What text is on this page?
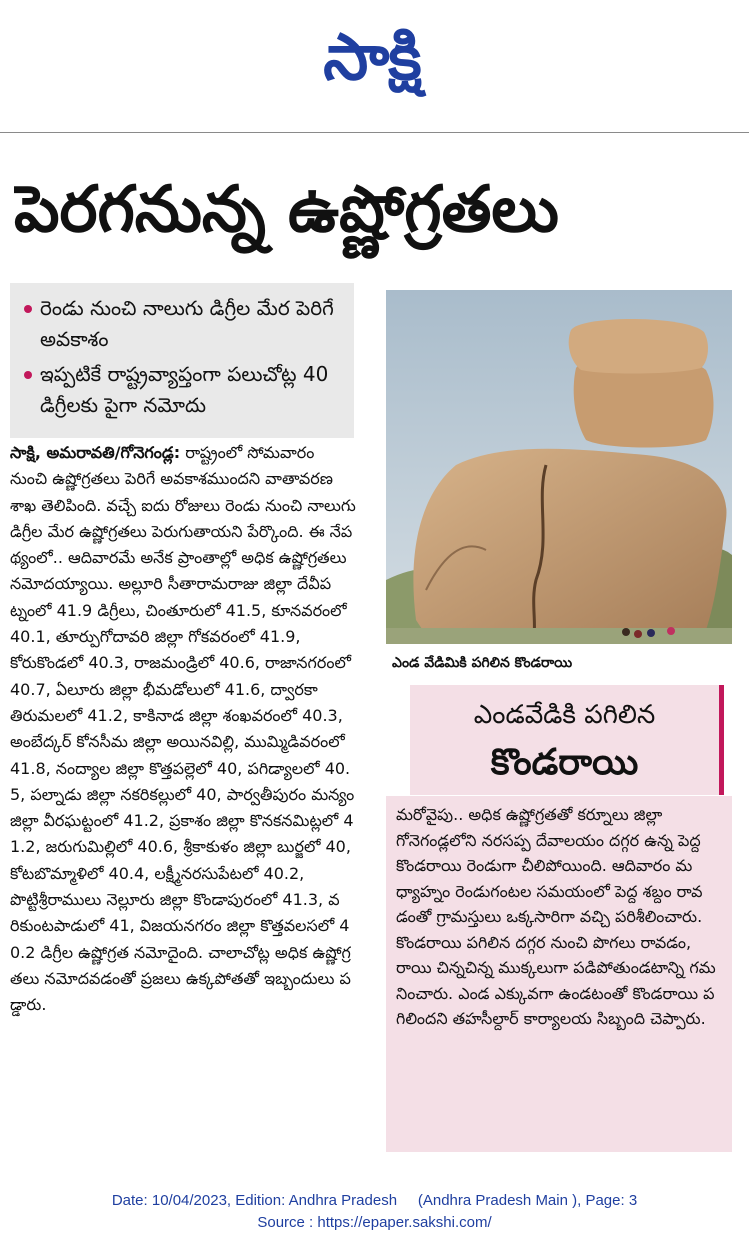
సాక్షి
పెరగనున్న ఉష్ణోగ్రతలు
రెండు నుంచి నాలుగు డిగ్రీల మేర పెరిగే అవకాశం
ఇప్పటికే రాష్ట్రవ్యాప్తంగా పలుచోట్ల 40 డిగ్రీలకు పైగా నమోదు
సాక్షి, అమరావతి/గోనెగండ్ల: రాష్ట్రంలో సోమవారం నుంచి ఉష్ణోగ్రతలు పెరిగే అవకాశముందని వాతావరణ శాఖ తెలిపింది. వచ్చే ఐదు రోజులు రెండు నుంచి నాలుగు డిగ్రీల మేర ఉష్ణోగ్రతలు పెరుగుతాయని పేర్కొంది. ఈ నేపథ్యంలో.. ఆదివారమే అనేక ప్రాంతాల్లో అధిక ఉష్ణోగ్రతలు నమోదయ్యాయి. అల్లూరి సీతారామరాజు జిల్లా దేవీపట్నంలో 41.9 డిగ్రీలు, చింతూరులో 41.5, కూనవరంలో 40.1, తూర్పుగోదావరి జిల్లా గోకవరంలో 41.9, కోరుకొండలో 40.3, రాజమండ్రిలో 40.6, రాజానగరంలో 40.7, ఏలూరు జిల్లా భీమడోలులో 41.6, ద్వారకా తిరుమలలో 41.2, కాకినాడ జిల్లా శంఖవరంలో 40.3, అంబేద్కర్ కోనసీమ జిల్లా అయినవిల్లి, ముమ్మిడివరంలో 41.8, నంద్యాల జిల్లా కొత్తపల్లెలో 40, పగిడ్యాలలో 40.5, పల్నాడు జిల్లా నకరికల్లులో 40, పార్వతీపురం మన్యం జిల్లా వీరఘట్టంలో 41.2, ప్రకాశం జిల్లా కొనకనమిట్లలో 41.2, జరుగుమిల్లిలో 40.6, శ్రీకాకుళం జిల్లా బుర్జలో 40, కోటబొమ్మాళిలో 40.4, లక్ష్మీనరసుపేటలో 40.2, పొట్టిశ్రీరాములు నెల్లూరు జిల్లా కొండాపురంలో 41.3, వరికుంటపాడులో 41, విజయనగరం జిల్లా కొత్తవలసలో 40.2 డిగ్రీల ఉష్ణోగ్రత నమోదైంది. చాలాచోట్ల అధిక ఉష్ణోగ్రతలు నమోదవడంతో ప్రజలు ఉక్కపోతతో ఇబ్బందులు పడ్డారు.
ఎండ వేడిమికి పగిలిన కొండరాయి
ఎండవేడికి పగిలిన
కొండరాయి
మరోవైపు.. అధిక ఉష్ణోగ్రతతో కర్నూలు జిల్లా గోనెగండ్లలోని నరసప్ప దేవాలయం దగ్గర ఉన్న పెద్ద కొండరాయి రెండుగా చీలిపోయింది. ఆదివారం మధ్యాహ్నం రెండుగంటల సమయంలో పెద్ద శబ్దం రావడంతో గ్రామస్తులు ఒక్కసారిగా వచ్చి పరిశీలించారు. కొండరాయి పగిలిన దగ్గర నుంచి పొగలు రావడం, రాయి చిన్నచిన్న ముక్కలుగా పడిపోతుండటాన్ని గమనించారు. ఎండ ఎక్కువగా ఉండటంతో కొండరాయి పగిలిందని తహసీల్దార్ కార్యాలయ సిబ్బంది చెప్పారు.
Date: 10/04/2023, Edition: Andhra Pradesh     (Andhra Pradesh Main ), Page: 3
Source : https://epaper.sakshi.com/
